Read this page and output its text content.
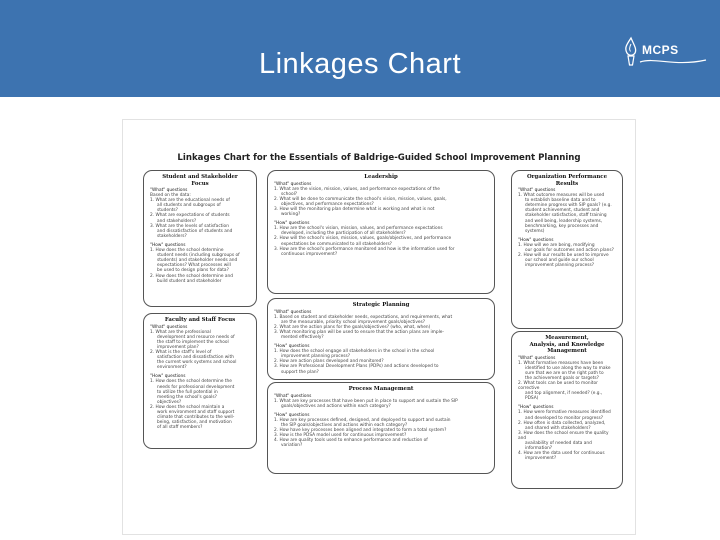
Linkages Chart	MCPS
Linkages Chart for the Essentials of Baldrige-Guided School Improvement Planning
Student and Stakeholder
Focus
"What" questions
Based on the data:
1. What are the educational needs of
all students and subgroups of
students?
2. What are expectations of students
and stakeholders?
3. What are the levels of satisfaction
and dissatisfaction of students and
stakeholders?
"How" questions
1. How does the school determine
student needs (including subgroups of
students) and stakeholder needs and
expectations? What processes will
be used to design plans for data?
2. How does the school determine and
build student and stakeholder
Leadership
"What" questions
1. What are the vision, mission, values, and performance expectations of the
school?
2. What will be done to communicate the school's vision, mission, values, goals,
objectives, and performance expectations?
3. How will the monitoring plan determine what is working and what is not
working?
"How" questions
1. How are the school's vision, mission, values, and performance expectations
developed, including the participation of all stakeholders?
2. How will the school's vision, mission, values, goals/objectives, and performance
expectations be communicated to all stakeholders?
3. How are the school's performance monitored and how is the information used for
continuous improvement?
Organization Performance
Results
"What" questions
1. What outcome measures will be used
to establish baseline data and to
determine progress with SIP goals? (e.g.
student achievement, student and
stakeholder satisfaction, staff training
and well being, leadership systems,
benchmarking, key processes and
systems)
"How" questions
1. How will we are being, modifying
our goals for outcomes and action plans?
2. How will our results be used to improve
our school and guide our school
improvement planning process?
Strategic Planning
"What" questions
1. Based on student and stakeholder needs, expectations, and requirements, what
are the measurable, priority school improvement goals/objectives?
2. What are the action plans for the goals/objectives? (who, what, when)
3. What monitoring plan will be used to ensure that the action plans are imple-
mented effectively?
"How" questions
1. How does the school engage all stakeholders in the school in the school
improvement planning process?
2. How are action plans developed and monitored?
3. How are Professional Development Plans (PDPs) and actions developed to
support the plan?
Faculty and Staff Focus
"What" questions
1. What are the professional
development and resource needs of
the staff to implement the school
improvement plan?
2. What is the staff's level of
satisfaction and dissatisfaction with
the current work systems and school
environment?
"How" questions
1. How does the school determine the
needs for professional development
to utilize the full potential in
meeting the school's goals?
objectives?
2. How does the school maintain a
work environment and staff support
climate that contributes to the well-
being, satisfaction, and motivation
of all staff members?
Process Management
"What" questions
1. What are key processes that have been put in place to support and sustain the SIP
goals/objectives and actions within each category?
"How" questions
1. How are key processes defined, designed, and deployed to support and sustain
the SIP goals/objectives and actions within each category?
2. How have key processes been aligned and integrated to form a total system?
3. How is the PDSA model used for continuous improvement?
4. How are quality tools used to enhance performance and reduction of
variation?
Measurement,
Analysis, and Knowledge
Management
"What" questions
1. What formative measures have been
identified to use along the way to make
sure that we are on the right path to
the achievement goals or targets?
2. What tools can be used to monitor corrective
and top alignment, if needed? (e.g.,
PDSA)
"How" questions
1. How were formative measures identified
and developed to monitor progress?
2. How often is data collected, analyzed,
and shared with stakeholders?
3. How does the school ensure the quality and
availability of needed data and
information?
4. How are the data used for continuous
improvement?
